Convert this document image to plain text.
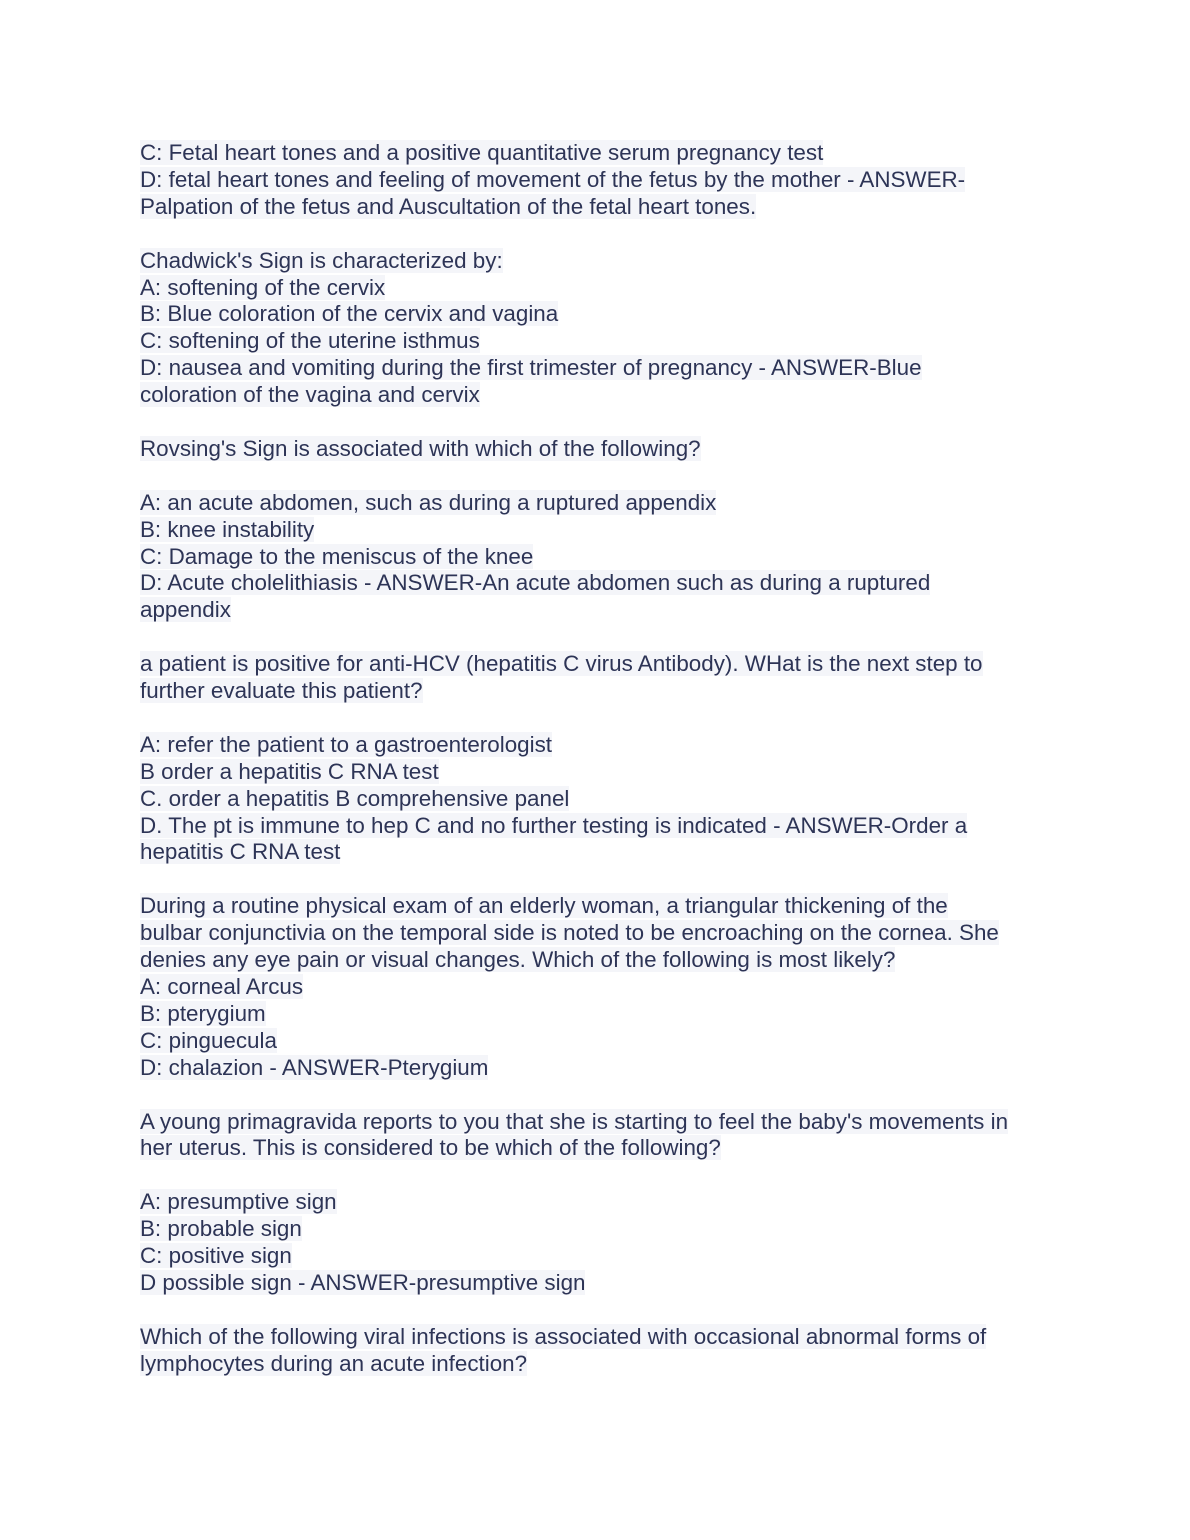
C: Fetal heart tones and a positive quantitative serum pregnancy test
D: fetal heart tones and feeling of movement of the fetus by the mother - ANSWER-
Palpation of the fetus and Auscultation of the fetal heart tones.
Chadwick's Sign is characterized by:
A: softening of the cervix
B: Blue coloration of the cervix and vagina
C: softening of the uterine isthmus
D: nausea and vomiting during the first trimester of pregnancy - ANSWER-Blue
coloration of the vagina and cervix
Rovsing's Sign is associated with which of the following?
A: an acute abdomen, such as during a ruptured appendix
B: knee instability
C: Damage to the meniscus of the knee
D: Acute cholelithiasis - ANSWER-An acute abdomen such as during a ruptured
appendix
a patient is positive for anti-HCV (hepatitis C virus Antibody). WHat is the next step to
further evaluate this patient?
A: refer the patient to a gastroenterologist
B order a hepatitis C RNA test
C. order a hepatitis B comprehensive panel
D. The pt is immune to hep C and no further testing is indicated - ANSWER-Order a
hepatitis C RNA test
During a routine physical exam of an elderly woman, a triangular thickening of the
bulbar conjunctivia on the temporal side is noted to be encroaching on the cornea. She
denies any eye pain or visual changes. Which of the following is most likely?
A: corneal Arcus
B: pterygium
C: pinguecula
D: chalazion - ANSWER-Pterygium
A young primagravida reports to you that she is starting to feel the baby's movements in
her uterus. This is considered to be which of the following?
A: presumptive sign
B: probable sign
C: positive sign
D possible sign - ANSWER-presumptive sign
Which of the following viral infections is associated with occasional abnormal forms of
lymphocytes during an acute infection?
